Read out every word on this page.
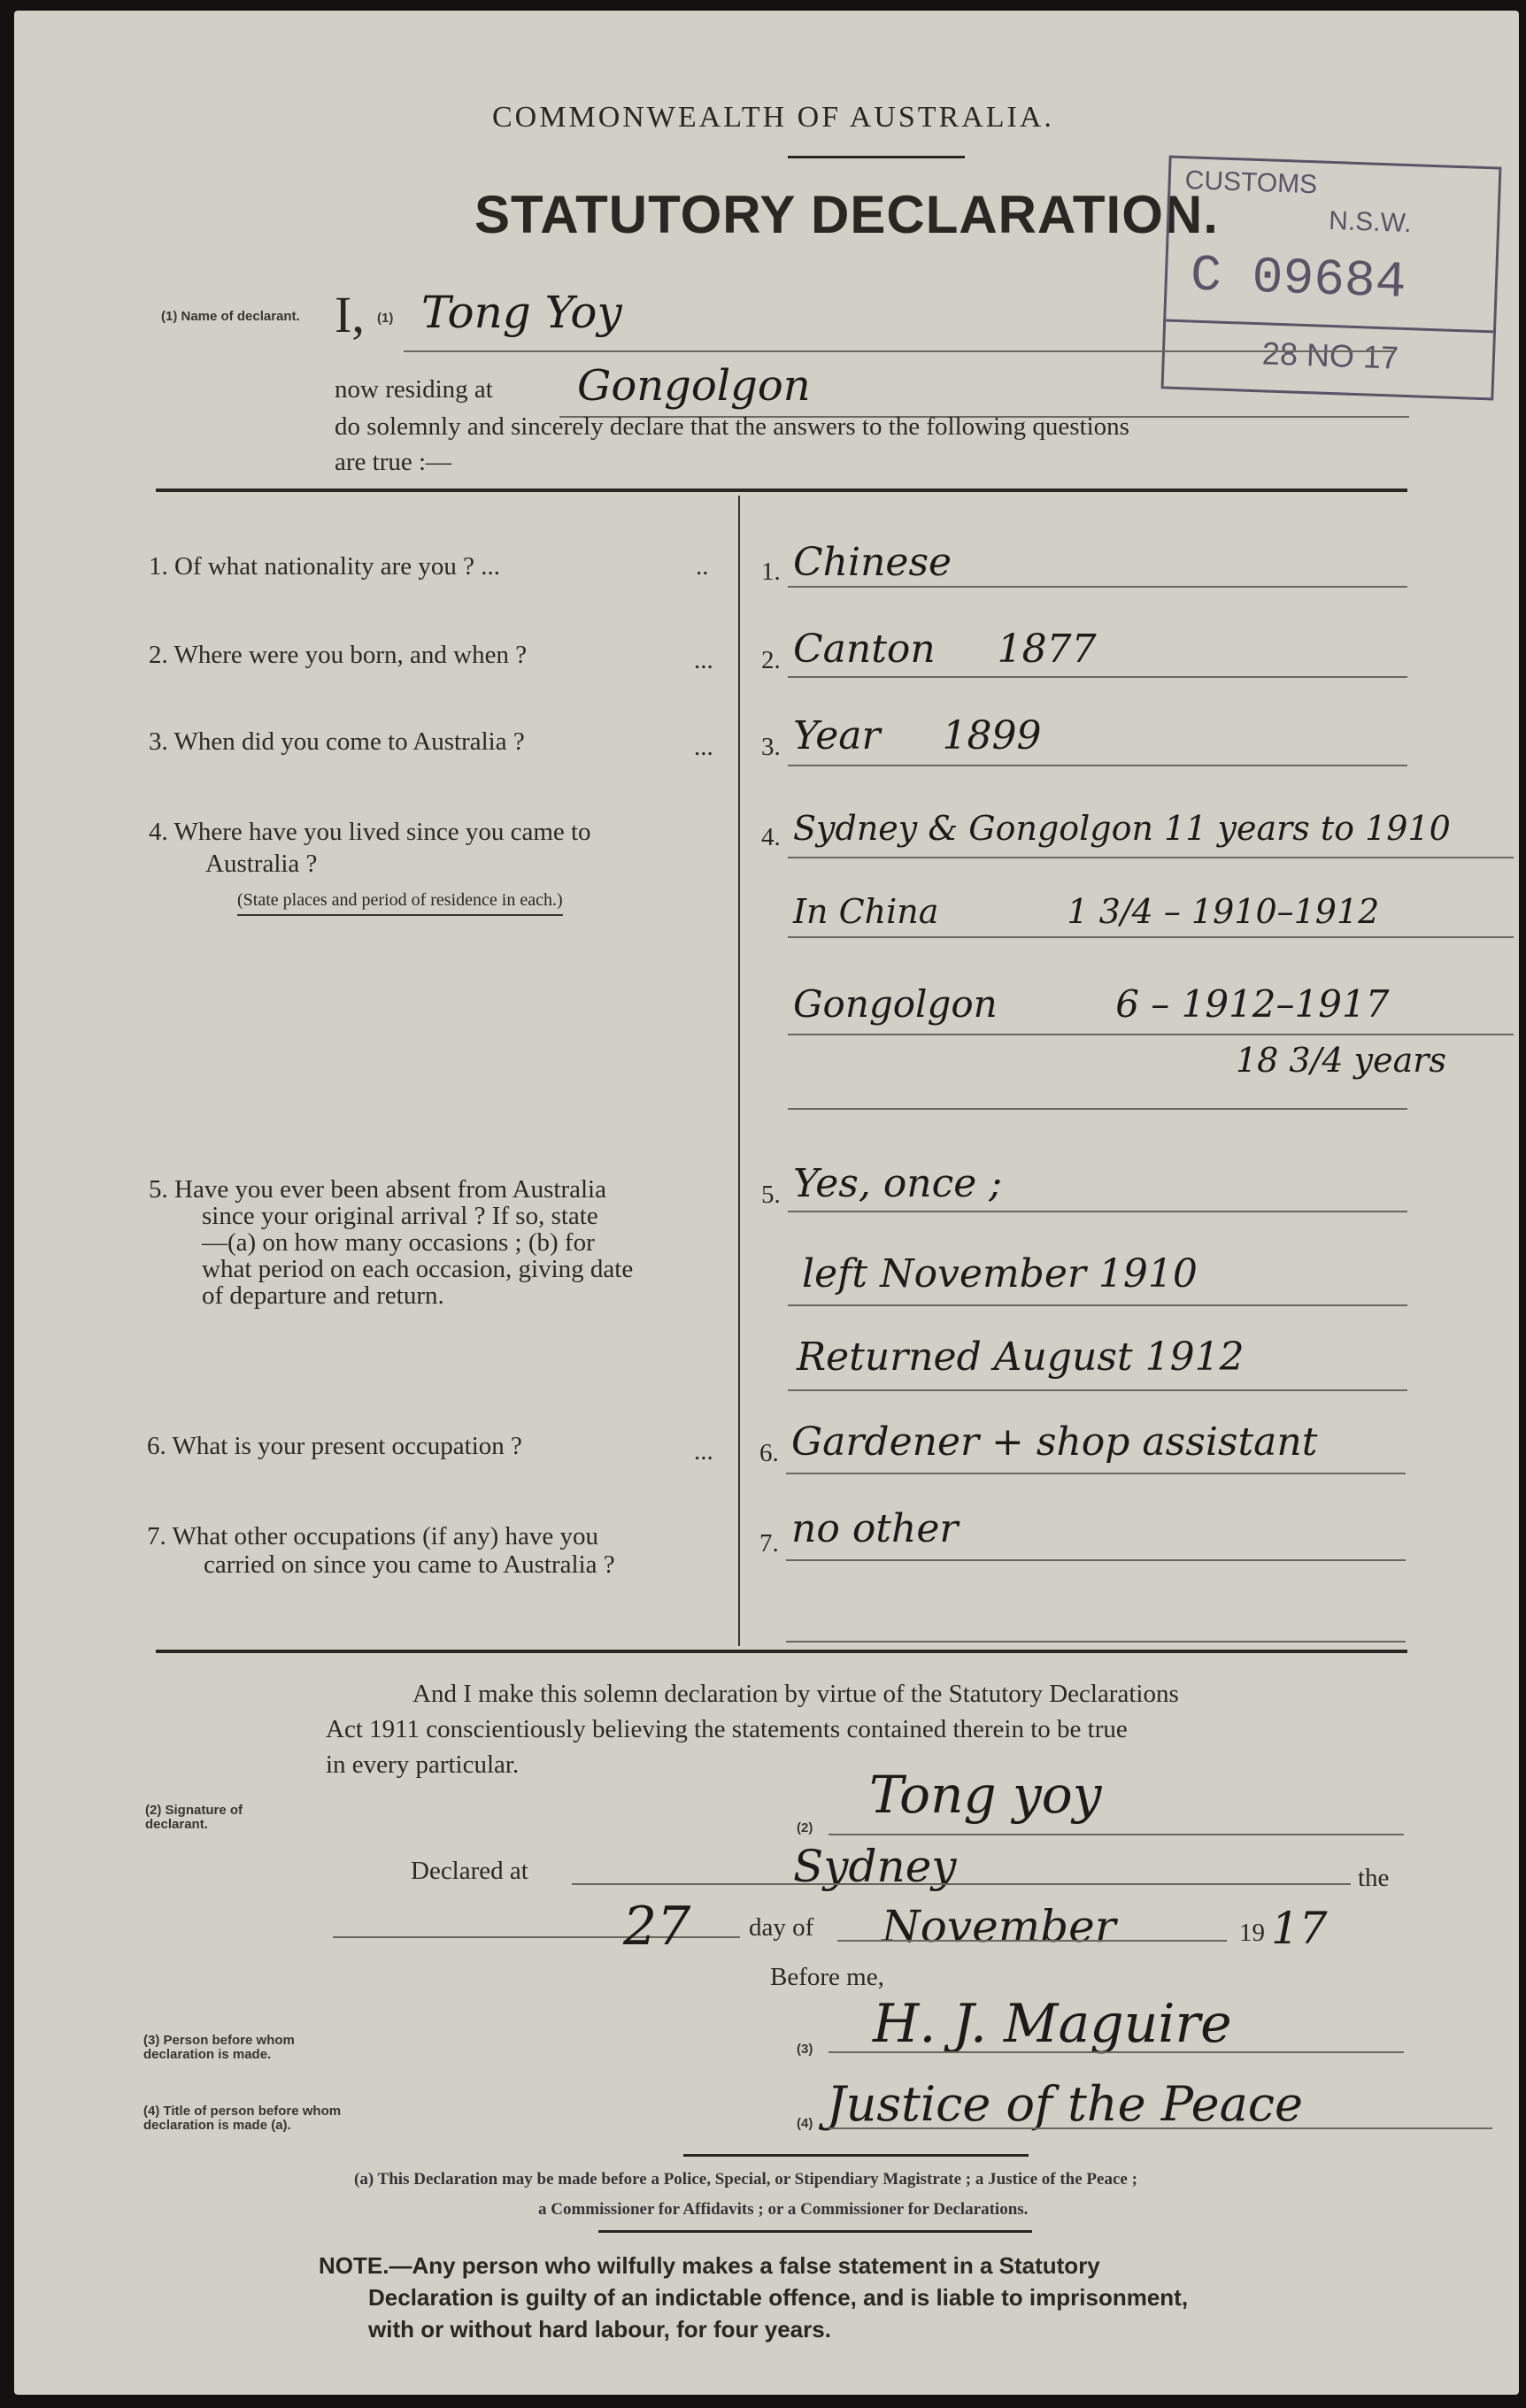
COMMONWEALTH OF AUSTRALIA.
STATUTORY DECLARATION.
CUSTOMS
N.S.W.
C 09684
28 NO 17
(1) Name of declarant. I, (1) Tong Yoy
now residing at Gongolgon
do solemnly and sincerely declare that the answers to the following questions
are true :—
1. Of what nationality are you ? ...	.. 1. Chinese
2. Where were you born, and when ?	... 2. Canton     1877
3. When did you come to Australia ?	... 3. Year     1899
4. Where have you lived since you came to
Australia ?
(State places and period of residence in each.)
4. Sydney & Gongolgon 11 years to 1910
In China            1 3/4 – 1910–1912
Gongolgon          6 – 1912–1917
18 3/4 years
5. Have you ever been absent from Australia
since your original arrival ? If so, state
—(a) on how many occasions ; (b) for
what period on each occasion, giving date
of departure and return.
5. Yes, once ;
left November 1910
Returned August 1912
6. What is your present occupation ?	... 6. Gardener + shop assistant
7. What other occupations (if any) have you
carried on since you came to Australia ?
7. no other
And I make this solemn declaration by virtue of the Statutory Declarations
Act 1911 conscientiously believing the statements contained therein to be true
in every particular.
(2) Signature of declarant.	(2)
Tong yoy
Declared at	Sydney	the
27 day of November	19 17
Before me,
(3) Person before whom declaration is made.	(3) H. J. Maguire
(4) Title of person before whom declaration is made (a).	(4) Justice of the Peace
(a) This Declaration may be made before a Police, Special, or Stipendiary Magistrate ; a Justice of the Peace ;
a Commissioner for Affidavits ; or a Commissioner for Declarations.
NOTE.—Any person who wilfully makes a false statement in a Statutory
Declaration is guilty of an indictable offence, and is liable to imprisonment,
with or without hard labour, for four years.
